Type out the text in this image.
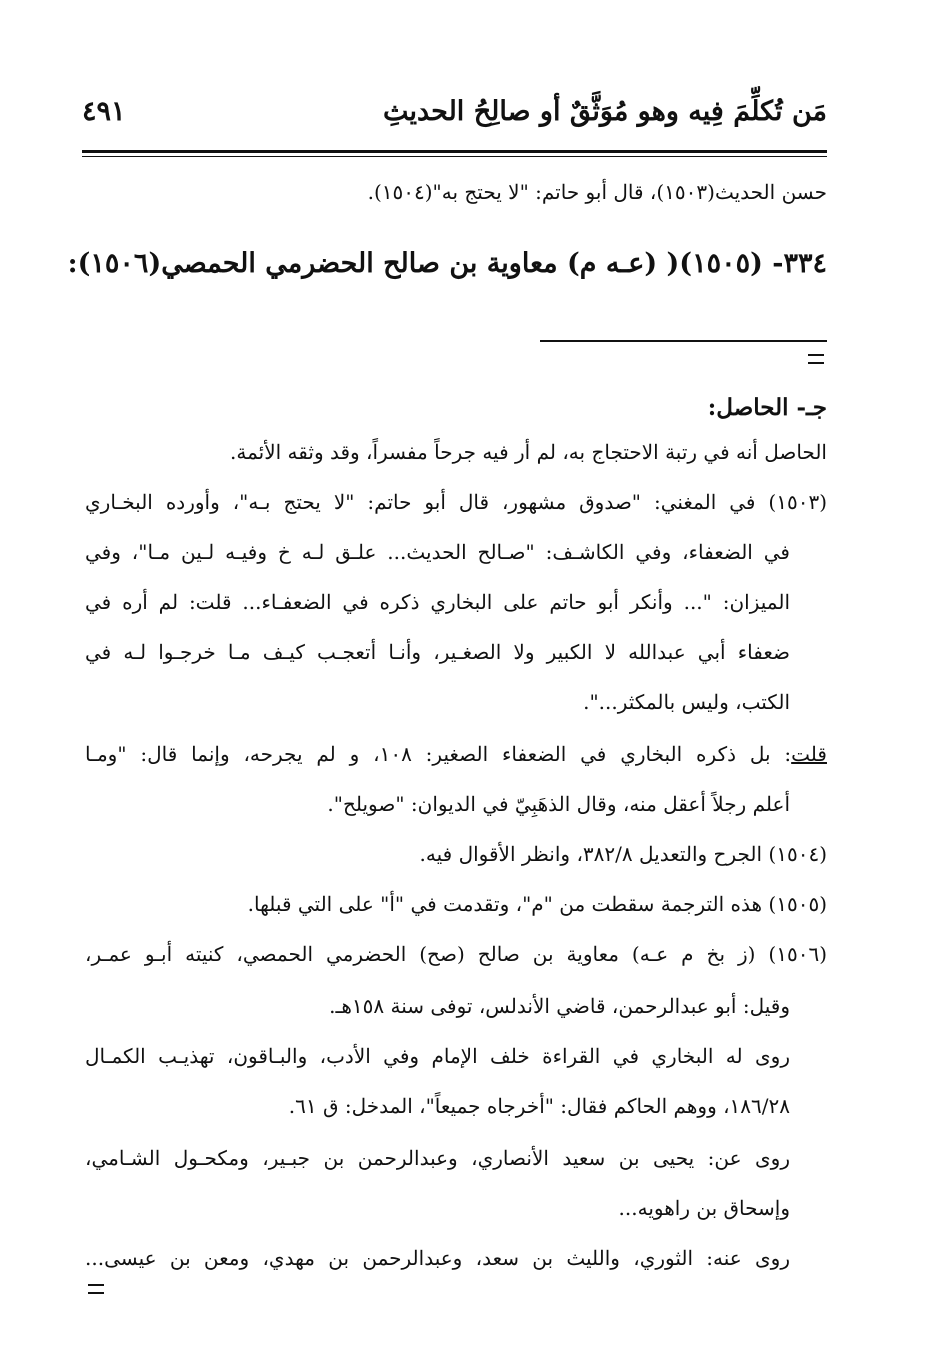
مَن تُكلِّمَ فِيه وهو مُوَثَّقٌ أو صالِحُ الحديثِ
٤٩١
حسن الحديث(١٥٠٣)، قال أبو حاتم: "لا يحتج به"(١٥٠٤).
٣٣٤- (١٥٠٥)( (عـه م) معاوية بن صالح الحضرمي الحمصي(١٥٠٦):
جـ- الحاصل:
الحاصل أنه في رتبة الاحتجاج به، لم أر فيه جرحاً مفسراً، وقد وثقه الأئمة.
(١٥٠٣) في المغني: "صدوق مشهور، قال أبو حاتم: "لا يحتج بـه"، وأورده البخـاري
في الضعفاء، وفي الكاشـف: "صـالح الحديث... علـق لـه خ وفيـه لـين مـا"، وفي
الميزان: "... وأنكر أبو حاتم على البخاري ذكره في الضعفـاء... قلت: لم أره في
ضعفاء أبي عبدالله لا الكبير ولا الصغـير، وأنـا أتعجـب كيـف مـا خرجـوا لـه في
الكتب، وليس بالمكثر...".
قلت: بل ذكره البخاري في الضعفاء الصغير: ١٠٨، و لم يجرحه، وإنما قال: "ومـا
أعلم رجلاً أعقل منه، وقال الذهَبِيّ في الديوان: "صويلح".
(١٥٠٤) الجرح والتعديل ٣٨٢/٨، وانظر الأقوال فيه.
(١٥٠٥) هذه الترجمة سقطت من "م"، وتقدمت في "أ" على التي قبلها.
(١٥٠٦) (ز بخ م عـه) معاوية بن صالح (صح) الحضرمي الحمصي، كنيته أبـو عمـر،
وقيل: أبو عبدالرحمن، قاضي الأندلس، توفى سنة ١٥٨هـ.
روى له البخاري في القراءة خلف الإمام وفي الأدب، والبـاقون، تهذيـب الكمـال
١٨٦/٢٨، ووهم الحاكم فقال: "أخرجاه جميعاً"، المدخل: ق ٦١.
روى عن: يحيى بن سعيد الأنصاري، وعبدالرحمن بن جبـير، ومكحـول الشـامي،
وإسحاق بن راهويه...
روى عنه: الثوري، والليث بن سعد، وعبدالرحمن بن مهدي، ومعن بن عيسى...
